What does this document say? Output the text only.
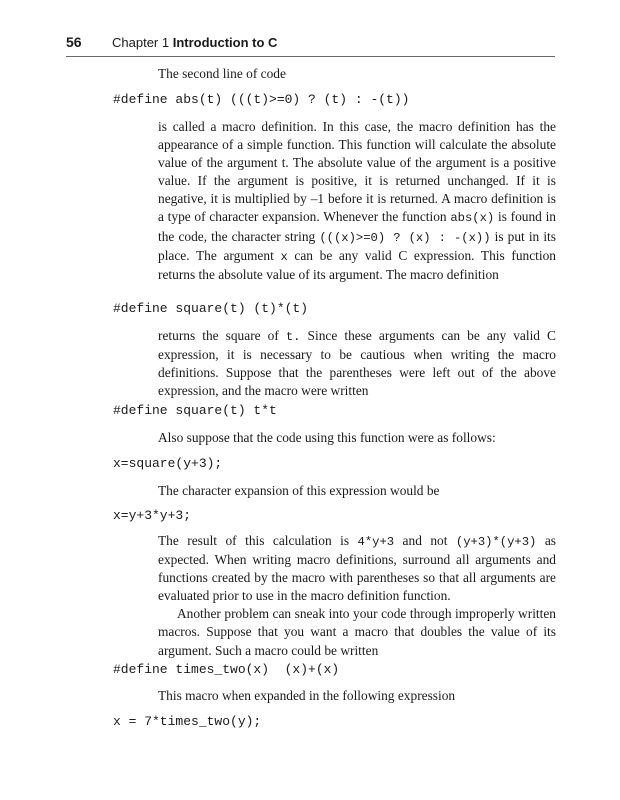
56 Chapter 1 Introduction to C

The second line of code

#define abs(t) (((t)>=0) ? (t) : -(t))

is called a macro definition. In this case, the macro definition has the appearance of a simple function. This function will calculate the absolute value of the argument t. The absolute value of the argument is a positive value. If the argument is positive, it is returned unchanged. If it is negative, it is multiplied by –1 before it is returned. A macro definition is a type of character expansion. Whenever the function abs(x) is found in the code, the character string (((x)>=0) ? (x) : -(x)) is put in its place. The argument x can be any valid C expression. This function returns the absolute value of its argument. The macro definition

#define square(t) (t)*(t)

returns the square of t. Since these arguments can be any valid C expression, it is necessary to be cautious when writing the macro definitions. Suppose that the parentheses were left out of the above expression, and the macro were written

#define square(t) t*t

Also suppose that the code using this function were as follows:

x=square(y+3);

The character expansion of this expression would be

x=y+3*y+3;

The result of this calculation is 4*y+3 and not (y+3)*(y+3) as expected. When writing macro definitions, surround all arguments and functions created by the macro with parentheses so that all arguments are evaluated prior to use in the macro definition function.

Another problem can sneak into your code through improperly written macros. Suppose that you want a macro that doubles the value of its argument. Such a macro could be written

#define times_two(x)  (x)+(x)

This macro when expanded in the following expression

x = 7*times_two(y);
